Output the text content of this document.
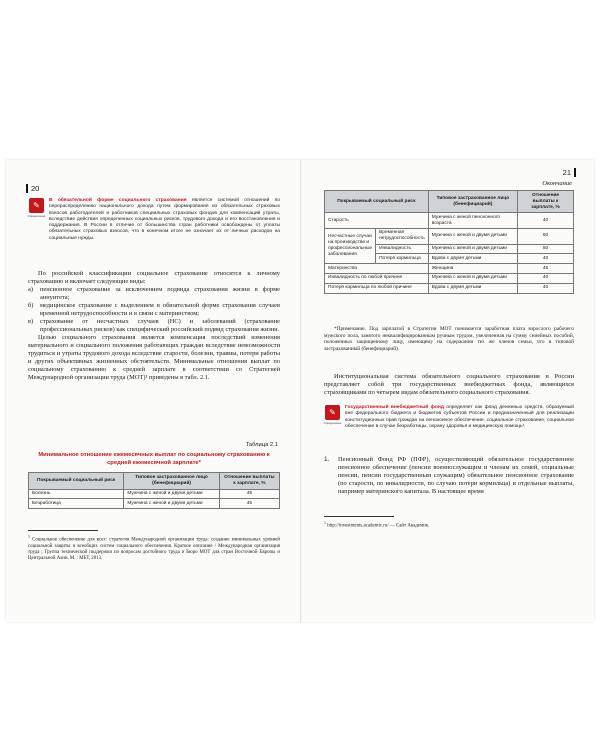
20
✎
Определение
В обязательной форме социального страхования является системой отношений по перераспределению национального дохода путем формирования из обязательных страховых взносов работодателей и работников специальных страховых фондов для компенсаций утраты, вследствие действия определенных социальных рисков, трудового дохода и его восстановления и поддержания. В России в отличие от большинства стран работники освобождены от уплаты обязательных страховых взносов, что в конечном итоге не означает их от личных расходов на социальные нужды.

По российской классификации социальное страхование относится к личному страхованию и включает следующие виды:

а)	пенсионное страхование за исключением подвида страхования жизни в форме аннуитета;
б)	медицинское страхование с выделением в обязательной форме страхования случаев временной нетрудоспособности и в связи с материнством;
в)	страхование от несчастных случаев (НС) и заболеваний (страхование профессиональных рисков) как специфический российский подвид страхования жизни.

Целью социального страхования является компенсация последствий изменения материального и социального положения работающих граждан вследствие невозможности трудиться и утраты трудового дохода вследствие старости, болезни, травмы, потери работы и других объективных жизненных обстоятельств. Минимальные отношения выплат по социальному страхованию к средней зарплате в соответствии со Стратегией Международной организации труда (МОТ)¹ приведены в табл. 2.1.

Таблица 2.1
Минимальное отношение ежемесячных выплат по социальному страхованию к средней ежемесячной зарплате*
Покрываемый социальный риск	Типовое застрахованное лицо (бенефициарий)	Отношение выплаты к зарплате, %
Болезнь	Мужчина с женой и двумя детьми	45
Безработица	Мужчина с женой и двумя детьми	45
$^1$ Социальное обеспечение для всех: стратегия Международной организации труда: создание минимальных уровней социальной защиты и всеобщих систем социального обеспечения. Краткое описание / Международная организация труда ; Группа технической поддержки по вопросам достойного труда и Бюро МОТ для стран Восточной Европы и Центральной Азии. М. : МБТ, 2013.
21
Окончание
Покрываемый социальный риск		Типовое застрахованное лицо (бенефициарий)	Отношение выплаты к зарплате, %
Старость		Мужчина с женой пенсионного возраста	40
Несчастные случаи на производстве и профессиональные заболевания	Временная нетрудоспособность	Мужчина с женой и двумя детьми	50
	Инвалидность	Мужчина с женой и двумя детьми	50
	Потеря кормильца	Вдова с двумя детьми	40
Материнство		Женщина	45
Инвалидность по любой причине		Мужчина с женой и двумя детьми	40
Потеря кормильца по любой причине		Вдова с двумя детьми	40

*Примечание. Под зарплатой в Стратегии МОТ понимается заработная плата взрослого рабочего мужского пола, занятого неквалифицированным ручным трудом, увеличенная на сумму семейных пособий, положенных защищенному лицу, имеющему на содержании тех же членов семьи, что и типовой застрахованный (бенефициарий).

Институциональная система обязательного социального страхования в России представляет собой три государственных внебюджетных фонда, являющихся страховщиками по четырем видам обязательного социального страхования.

✎
Определение
Государственный внебюджетный фонд определяет как фонд денежных средств, образуемый вне федерального бюджета и бюджетов субъектов России и предназначенный для реализации конституционных прав граждан на пенсионное обеспечение, социальное страхование, социальное обеспечение в случае безработицы, охрану здоровья и медицинскую помощь¹.
1.	Пенсионный Фонд РФ (ПФР), осуществляющий обязательное государственное пенсионное обеспечение (пенсии военнослужащим и членам их семей, социальные пенсии, пенсии государственным служащим) обязательное пенсионное страхование (по старости, по инвалидности, по случаю потери кормильца) и отдельные выплаты, например материнского капитала. В настоящее время
$^1$ http://investments.academic.ru/ — Сайт Академик.
